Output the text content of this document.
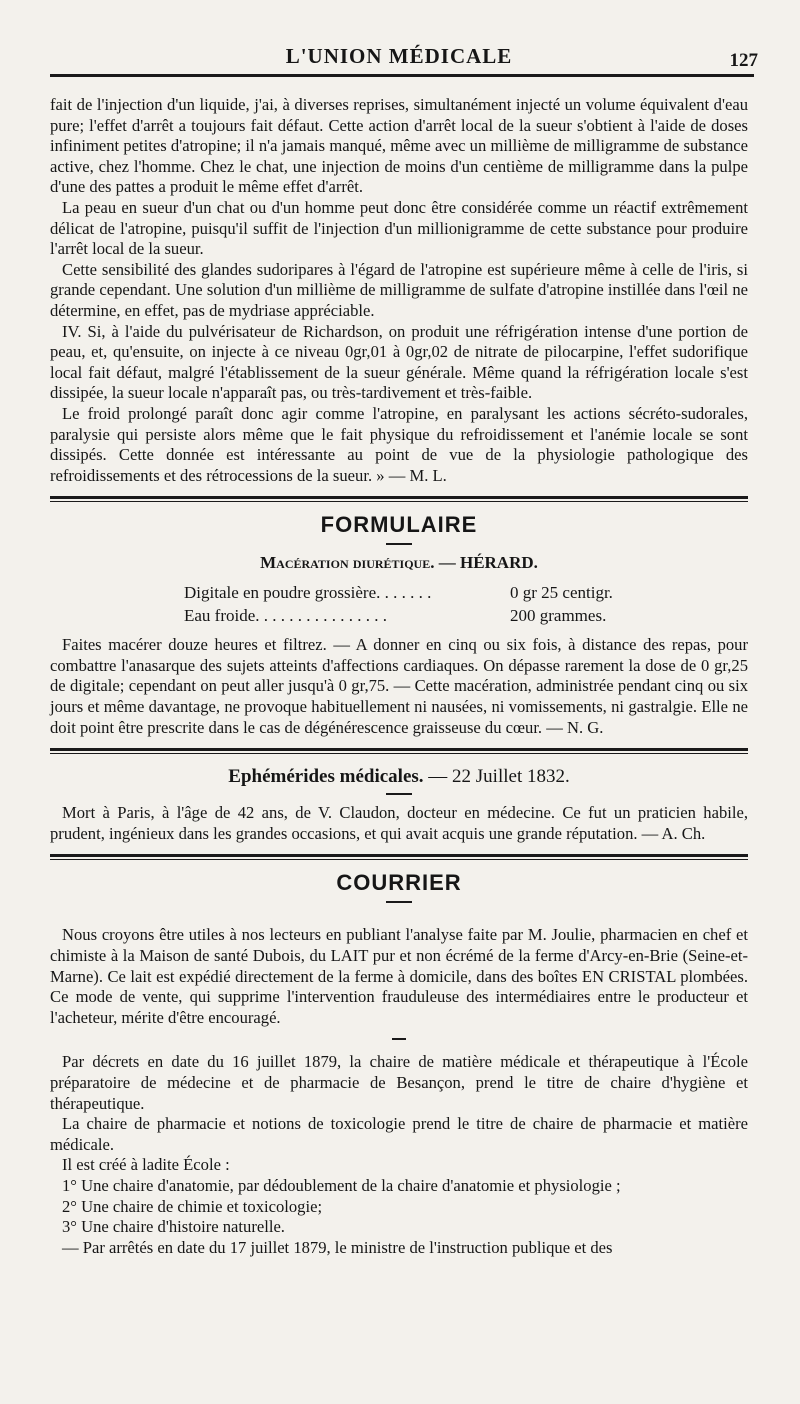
L'UNION MÉDICALE	127

fait de l'injection d'un liquide, j'ai, à diverses reprises, simultanément injecté un volume équivalent d'eau pure; l'effet d'arrêt a toujours fait défaut. Cette action d'arrêt local de la sueur s'obtient à l'aide de doses infiniment petites d'atropine; il n'a jamais manqué, même avec un millième de milligramme de substance active, chez l'homme. Chez le chat, une injection de moins d'un centième de milligramme dans la pulpe d'une des pattes a produit le même effet d'arrêt.

La peau en sueur d'un chat ou d'un homme peut donc être considérée comme un réactif extrêmement délicat de l'atropine, puisqu'il suffit de l'injection d'un millionigramme de cette substance pour produire l'arrêt local de la sueur.

Cette sensibilité des glandes sudoripares à l'égard de l'atropine est supérieure même à celle de l'iris, si grande cependant. Une solution d'un millième de milligramme de sulfate d'atropine instillée dans l'œil ne détermine, en effet, pas de mydriase appréciable.

IV. Si, à l'aide du pulvérisateur de Richardson, on produit une réfrigération intense d'une portion de peau, et, qu'ensuite, on injecte à ce niveau 0gr,01 à 0gr,02 de nitrate de pilocarpine, l'effet sudorifique local fait défaut, malgré l'établissement de la sueur générale. Même quand la réfrigération locale s'est dissipée, la sueur locale n'apparaît pas, ou très-tardivement et très-faible.

Le froid prolongé paraît donc agir comme l'atropine, en paralysant les actions sécréto-sudorales, paralysie qui persiste alors même que le fait physique du refroidissement et l'anémie locale se sont dissipés. Cette donnée est intéressante au point de vue de la physiologie pathologique des refroidissements et des rétrocessions de la sueur. » — M. L.

FORMULAIRE
Macération diurétique. — HÉRARD.
Digitale en poudre grossière. . . . . . .	0 gr 25 centigr.
Eau froide. . . . . . . . . . . . . . . .	200 grammes.

Faites macérer douze heures et filtrez. — A donner en cinq ou six fois, à distance des repas, pour combattre l'anasarque des sujets atteints d'affections cardiaques. On dépasse rarement la dose de 0 gr,25 de digitale; cependant on peut aller jusqu'à 0 gr,75. — Cette macération, administrée pendant cinq ou six jours et même davantage, ne provoque habituellement ni nausées, ni vomissements, ni gastralgie. Elle ne doit point être prescrite dans le cas de dégénérescence graisseuse du cœur. — N. G.

Ephémérides médicales. — 22 Juillet 1832.

Mort à Paris, à l'âge de 42 ans, de V. Claudon, docteur en médecine. Ce fut un praticien habile, prudent, ingénieux dans les grandes occasions, et qui avait acquis une grande réputation. — A. Ch.

COURRIER

Nous croyons être utiles à nos lecteurs en publiant l'analyse faite par M. Joulie, pharmacien en chef et chimiste à la Maison de santé Dubois, du LAIT pur et non écrémé de la ferme d'Arcy-en-Brie (Seine-et-Marne). Ce lait est expédié directement de la ferme à domicile, dans des boîtes EN CRISTAL plombées. Ce mode de vente, qui supprime l'intervention frauduleuse des intermédiaires entre le producteur et l'acheteur, mérite d'être encouragé.

Par décrets en date du 16 juillet 1879, la chaire de matière médicale et thérapeutique à l'École préparatoire de médecine et de pharmacie de Besançon, prend le titre de chaire d'hygiène et thérapeutique.

La chaire de pharmacie et notions de toxicologie prend le titre de chaire de pharmacie et matière médicale.

Il est créé à ladite École :

1° Une chaire d'anatomie, par dédoublement de la chaire d'anatomie et physiologie ;
2° Une chaire de chimie et toxicologie;
3° Une chaire d'histoire naturelle.

— Par arrêtés en date du 17 juillet 1879, le ministre de l'instruction publique et des
